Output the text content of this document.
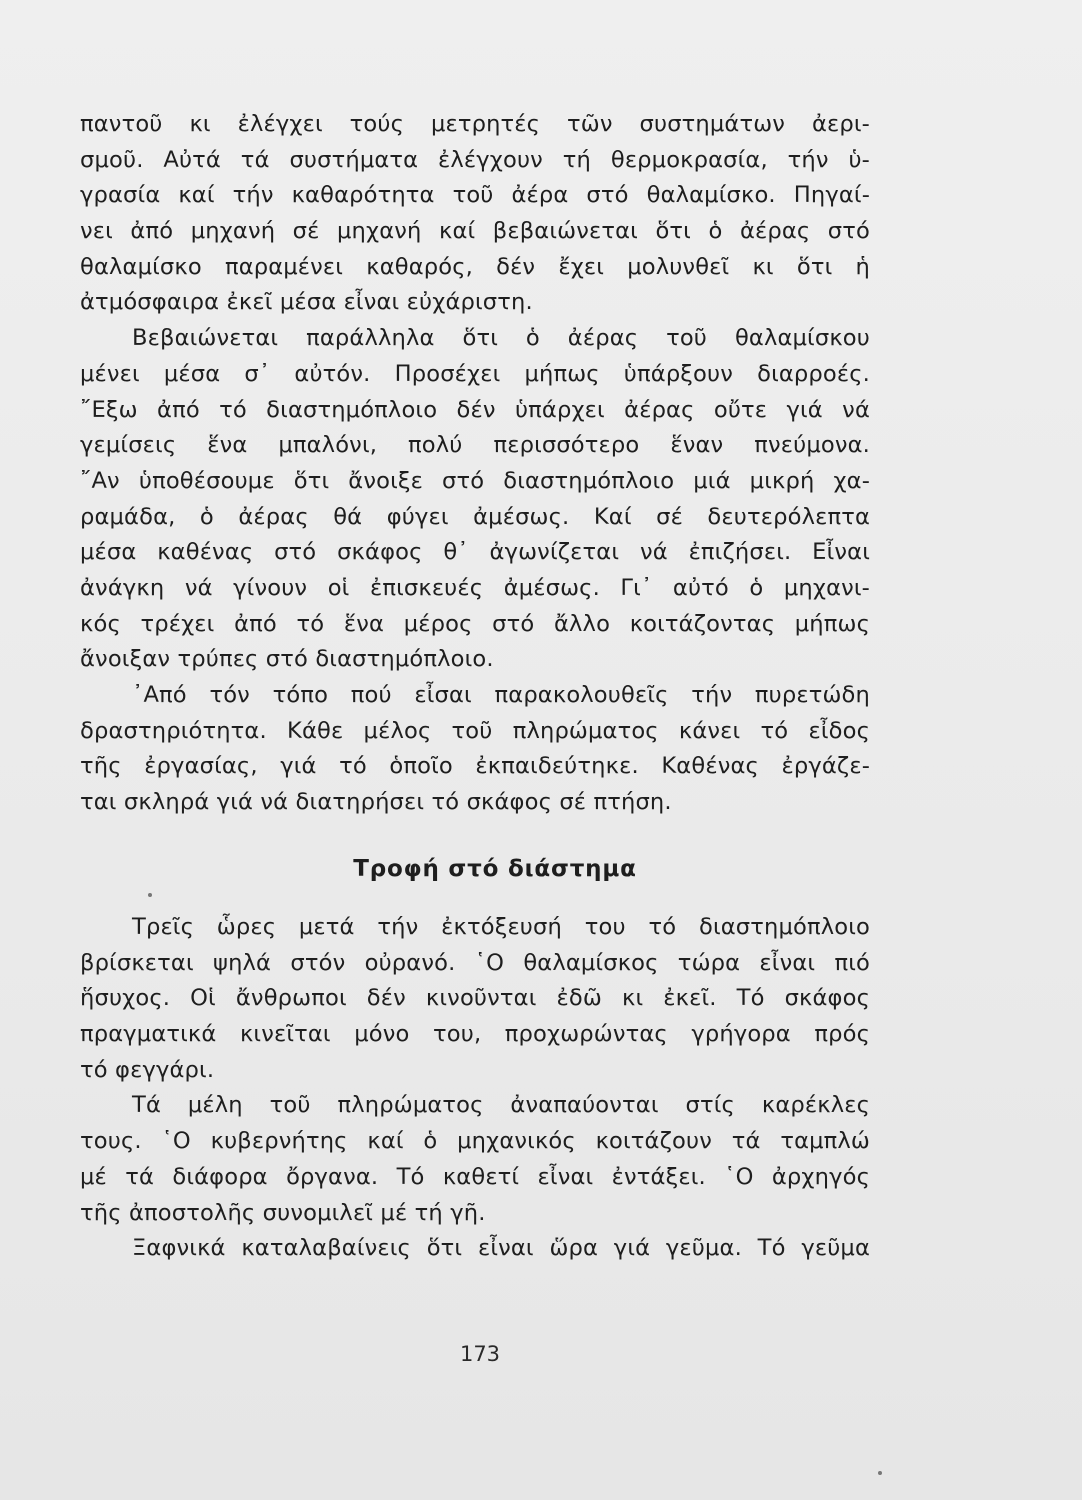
παντοῦ κι ἐλέγχει τούς μετρητές τῶν συστημάτων ἀερι-
σμοῦ. Αὐτά τά συστήματα ἐλέγχουν τή θερμοκρασία, τήν ὑ-
γρασία καί τήν καθαρότητα τοῦ ἀέρα στό θαλαμίσκο. Πηγαί-
νει ἀπό μηχανή σέ μηχανή καί βεβαιώνεται ὅτι ὁ ἀέρας στό
θαλαμίσκο παραμένει καθαρός, δέν ἔχει μολυνθεῖ κι ὅτι ἡ
ἀτμόσφαιρα ἐκεῖ μέσα εἶναι εὐχάριστη.
Βεβαιώνεται παράλληλα ὅτι ὁ ἀέρας τοῦ θαλαμίσκου
μένει μέσα σ᾽ αὐτόν. Προσέχει μήπως ὑπάρξουν διαρροές.
῎Εξω ἀπό τό διαστημόπλοιο δέν ὑπάρχει ἀέρας οὔτε γιά νά
γεμίσεις ἕνα μπαλόνι, πολύ περισσότερο ἕναν πνεύμονα.
῎Αν ὑποθέσουμε ὅτι ἄνοιξε στό διαστημόπλοιο μιά μικρή χα-
ραμάδα, ὁ ἀέρας θά φύγει ἀμέσως. Καί σέ δευτερόλεπτα
μέσα καθένας στό σκάφος θ᾽ ἀγωνίζεται νά ἐπιζήσει. Εἶναι
ἀνάγκη νά γίνουν οἱ ἐπισκευές ἀμέσως. Γι᾽ αὐτό ὁ μηχανι-
κός τρέχει ἀπό τό ἕνα μέρος στό ἄλλο κοιτάζοντας μήπως
ἄνοιξαν τρύπες στό διαστημόπλοιο.
᾽Από τόν τόπο πού εἶσαι παρακολουθεῖς τήν πυρετώδη
δραστηριότητα. Κάθε μέλος τοῦ πληρώματος κάνει τό εἶδος
τῆς ἐργασίας, γιά τό ὁποῖο ἐκπαιδεύτηκε. Καθένας ἐργάζε-
ται σκληρά γιά νά διατηρήσει τό σκάφος σέ πτήση.
Τροφή στό διάστημα
Τρεῖς ὧρες μετά τήν ἐκτόξευσή του τό διαστημόπλοιο
βρίσκεται ψηλά στόν οὐρανό. ῾Ο θαλαμίσκος τώρα εἶναι πιό
ἥσυχος. Οἱ ἄνθρωποι δέν κινοῦνται ἐδῶ κι ἐκεῖ. Τό σκάφος
πραγματικά κινεῖται μόνο του, προχωρώντας γρήγορα πρός
τό φεγγάρι.
Τά μέλη τοῦ πληρώματος ἀναπαύονται στίς καρέκλες
τους. ῾Ο κυβερνήτης καί ὁ μηχανικός κοιτάζουν τά ταμπλώ
μέ τά διάφορα ὄργανα. Τό καθετί εἶναι ἐντάξει. ῾Ο ἀρχηγός
τῆς ἀποστολῆς συνομιλεῖ μέ τή γῆ.
Ξαφνικά καταλαβαίνεις ὅτι εἶναι ὥρα γιά γεῦμα. Τό γεῦμα
173
